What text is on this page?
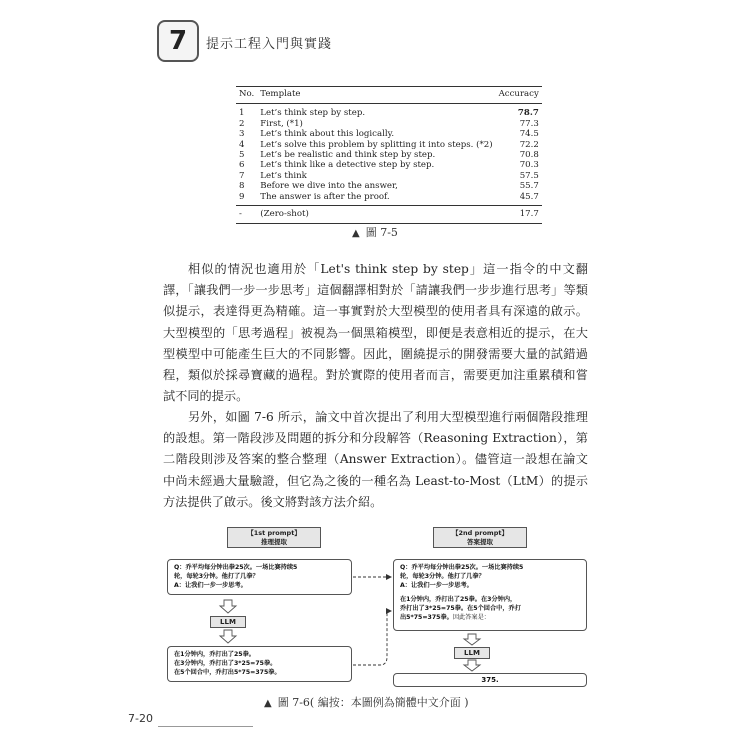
7 提示工程入門與實踐
No.	Template	Accuracy
1	Let’s think step by step.	78.7
2	First, (*1)	77.3
3	Let’s think about this logically.	74.5
4	Let’s solve this problem by splitting it into steps. (*2)	72.2
5	Let’s be realistic and think step by step.	70.8
6	Let’s think like a detective step by step.	70.3
7	Let’s think	57.5
8	Before we dive into the answer,	55.7
9	The answer is after the proof.	45.7
-	(Zero-shot)	17.7
▲ 圖 7-5
相似的情況也適用於「Let's think step by step」這一指令的中文翻譯，「讓我們一步一步思考」這個翻譯相對於「請讓我們一步步進行思考」等類似提示，表達得更為精確。這一事實對於大型模型的使用者具有深遠的啟示。大型模型的「思考過程」被視為一個黑箱模型，即便是表意相近的提示，在大型模型中可能產生巨大的不同影響。因此，圍繞提示的開發需要大量的試錯過程，類似於採尋寶藏的過程。對於實際的使用者而言，需要更加注重累積和嘗試不同的提示。
另外，如圖 7-6 所示，論文中首次提出了利用大型模型進行兩個階段推理的設想。第一階段涉及問題的拆分和分段解答（Reasoning Extraction），第二階段則涉及答案的整合整理（Answer Extraction）。儘管這一設想在論文中尚未經過大量驗證，但它為之後的一種名為 Least-to-Most（LtM）的提示方法提供了啟示。後文將對該方法介紹。
【1st prompt】
推理提取
【2nd prompt】
答案提取
Q：乔平均每分钟出拳25次。一场比赛持续5
轮，每轮3分钟。他打了几拳？
A：让我们一步一步思考。
Q：乔平均每分钟出拳25次。一场比赛持续5
轮，每轮3分钟。他打了几拳？
A：让我们一步一步思考。
在1分钟内，乔打出了25拳。在3分钟内，
乔打出了3*25=75拳。在5个回合中，乔打
出5*75=375拳。因此答案是：
LLM
LLM
在1分钟内，乔打出了25拳。
在3分钟内，乔打出了3*25=75拳。
在5个回合中，乔打出5*75=375拳。
375.
▲ 圖 7-6( 編按：本圖例為簡體中文介面 )
7-20
